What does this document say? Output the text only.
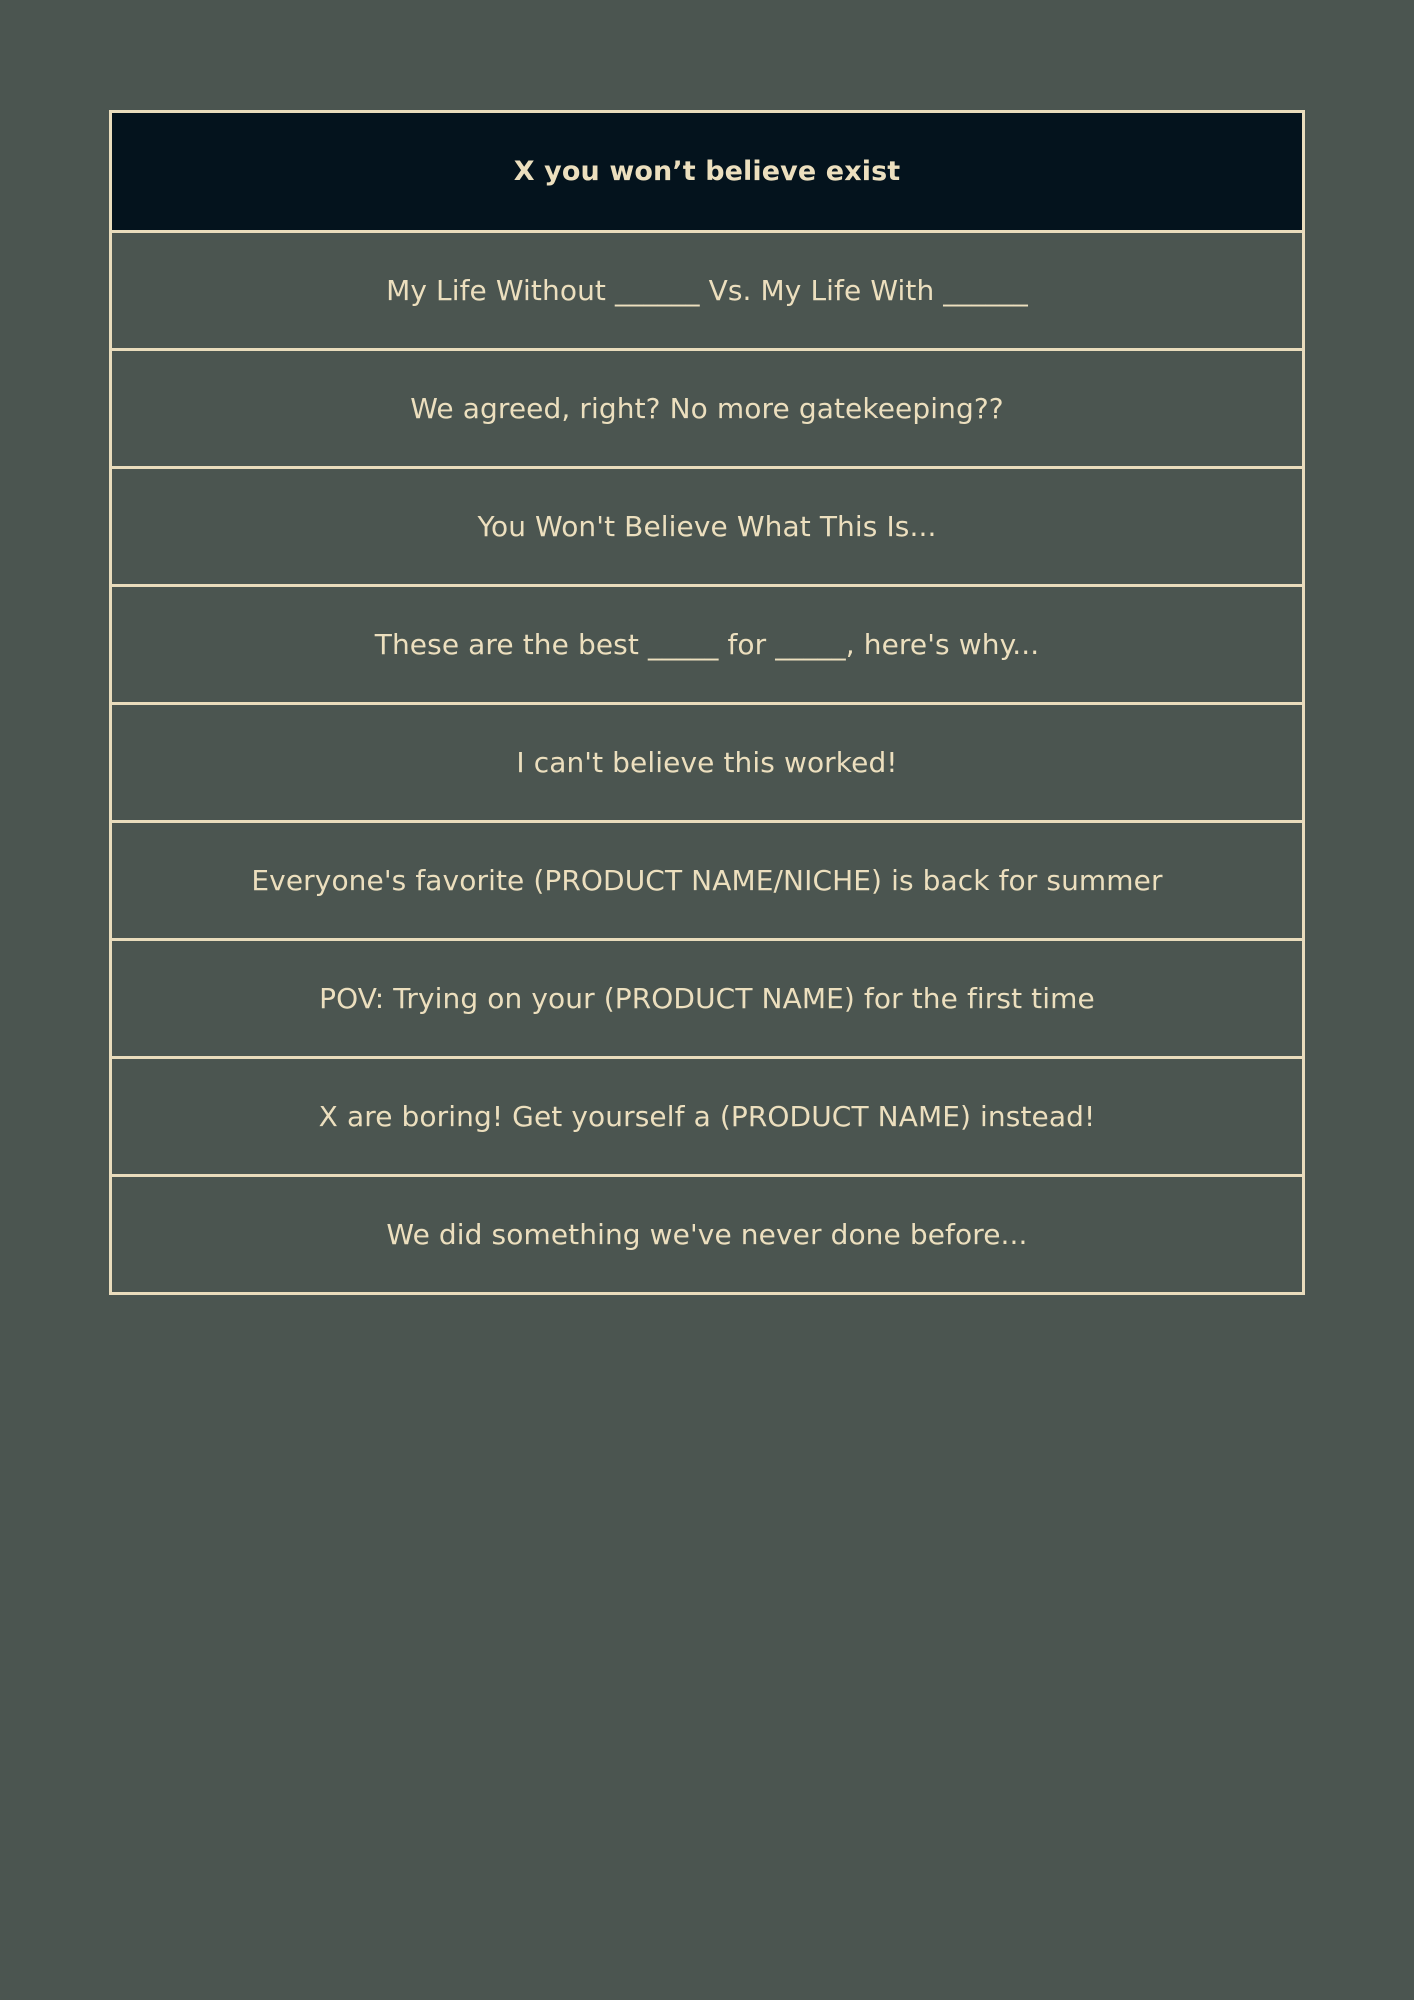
X you won’t believe exist
My Life Without ______ Vs. My Life With ______
We agreed, right? No more gatekeeping??
You Won't Believe What This Is...
These are the best _____ for _____, here's why...
I can't believe this worked!
Everyone's favorite (PRODUCT NAME/NICHE) is back for summer
POV: Trying on your (PRODUCT NAME) for the first time
X are boring! Get yourself a (PRODUCT NAME) instead!
We did something we've never done before...
